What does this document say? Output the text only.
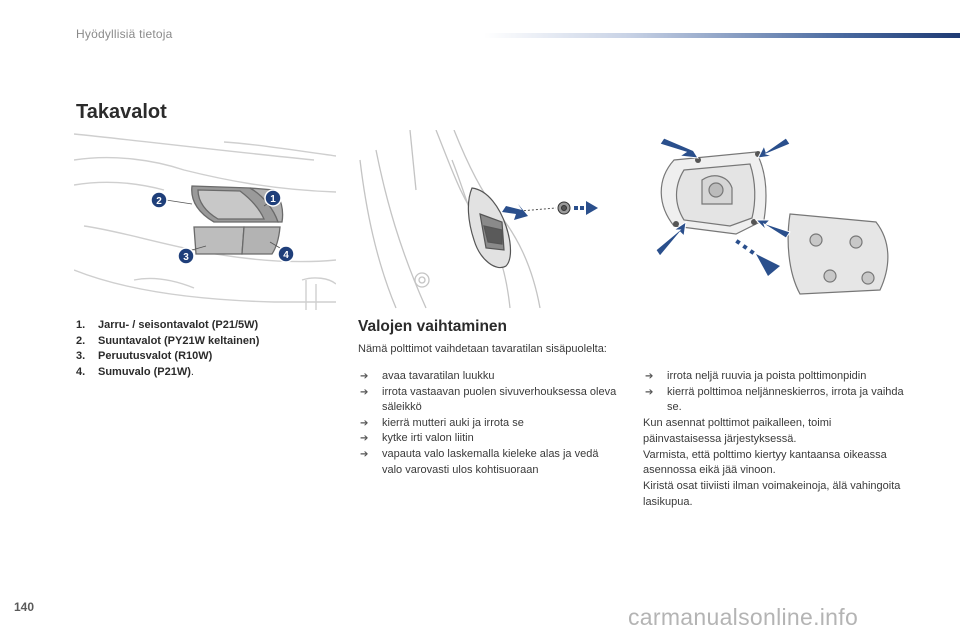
Hyödyllisiä tietoja
Takavalot
1
2
3	4
1. Jarru- / seisontavalot (P21/5W)
2. Suuntavalot (PY21W keltainen)
3. Peruutusvalot (R10W)
4. Sumuvalo (P21W).
Valojen vaihtaminen

Nämä polttimot vaihdetaan tavaratilan sisäpuolelta:

➔ avaa tavaratilan luukku
➔ irrota vastaavan puolen sivuverhouksessa oleva säleikkö
➔ kierrä mutteri auki ja irrota se
➔ kytke irti valon liitin
➔ vapauta valo laskemalla kieleke alas ja vedä valo varovasti ulos kohtisuoraan
➔ irrota neljä ruuvia ja poista polttimonpidin
➔ kierrä polttimoa neljänneskierros, irrota ja vaihda se.

Kun asennat polttimot paikalleen, toimi päinvastaisessa järjestyksessä.

Varmista, että polttimo kiertyy kantaansa oikeassa asennossa eikä jää vinoon.

Kiristä osat tiiviisti ilman voimakeinoja, älä vahingoita lasikupua.

140	carmanualsonline.info
